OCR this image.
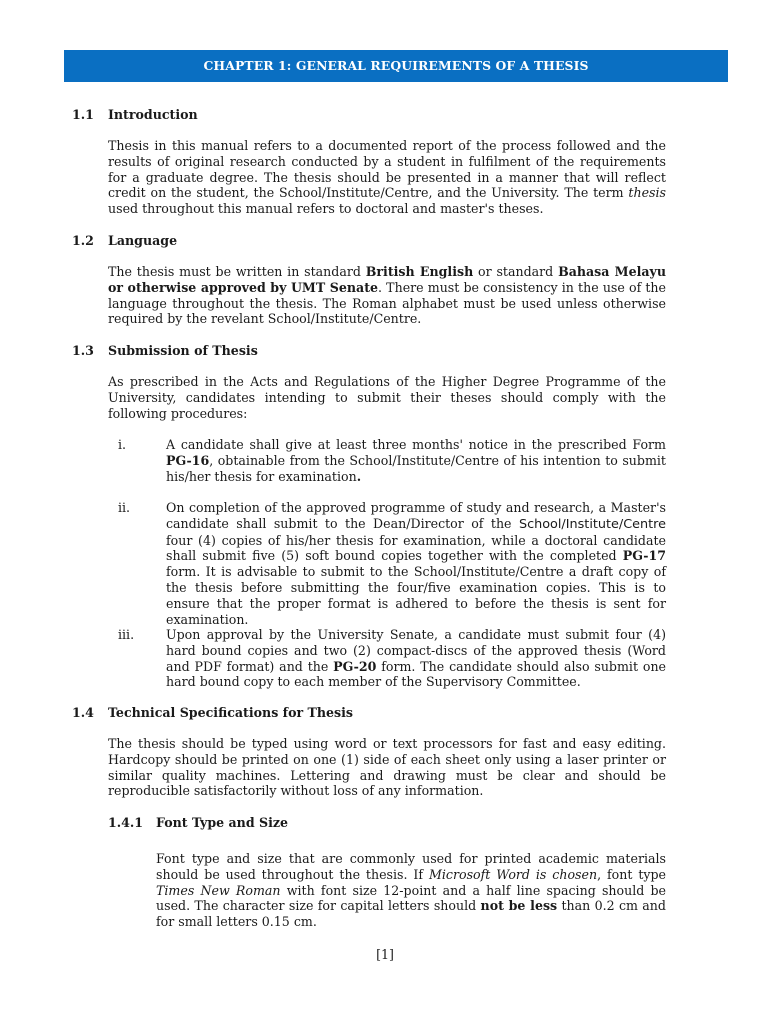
CHAPTER 1: GENERAL REQUIREMENTS OF A THESIS
1.1	Introduction
Thesis in this manual refers to a documented report of the process followed and the results of original research conducted by a student in fulfilment of the requirements for a graduate degree. The thesis should be presented in a manner that will reflect credit on the student, the School/Institute/Centre, and the University. The term thesis used throughout this manual refers to doctoral and master's theses.
1.2	Language
The thesis must be written in standard British English or standard Bahasa Melayu or otherwise approved by UMT Senate. There must be consistency in the use of the language throughout the thesis. The Roman alphabet must be used unless otherwise required by the revelant School/Institute/Centre.
1.3	Submission of Thesis
As prescribed in the Acts and Regulations of the Higher Degree Programme of the University, candidates intending to submit their theses should comply with the following procedures:
i.	A candidate shall give at least three months' notice in the prescribed Form PG-16, obtainable from the School/Institute/Centre of his intention to submit his/her thesis for examination.
ii.	On completion of the approved programme of study and research, a Master's candidate shall submit to the Dean/Director of the School/Institute/Centre four (4) copies of his/her thesis for examination, while a doctoral candidate shall submit five (5) soft bound copies together with the completed PG-17 form. It is advisable to submit to the School/Institute/Centre a draft copy of the thesis before submitting the four/five examination copies. This is to ensure that the proper format is adhered to before the thesis is sent for examination.
iii.	Upon approval by the University Senate, a candidate must submit four (4) hard bound copies and two (2) compact-discs of the approved thesis (Word and PDF format) and the PG-20 form. The candidate should also submit one hard bound copy to each member of the Supervisory Committee.
1.4	Technical Specifications for Thesis
The thesis should be typed using word or text processors for fast and easy editing. Hardcopy should be printed on one (1) side of each sheet only using a laser printer or similar quality machines. Lettering and drawing must be clear and should be reproducible satisfactorily without loss of any information.
1.4.1 Font Type and Size
Font type and size that are commonly used for printed academic materials should be used throughout the thesis. If Microsoft Word is chosen, font type Times New Roman with font size 12-point and a half line spacing should be used. The character size for capital letters should not be less than 0.2 cm and for small letters 0.15 cm.
[1]
